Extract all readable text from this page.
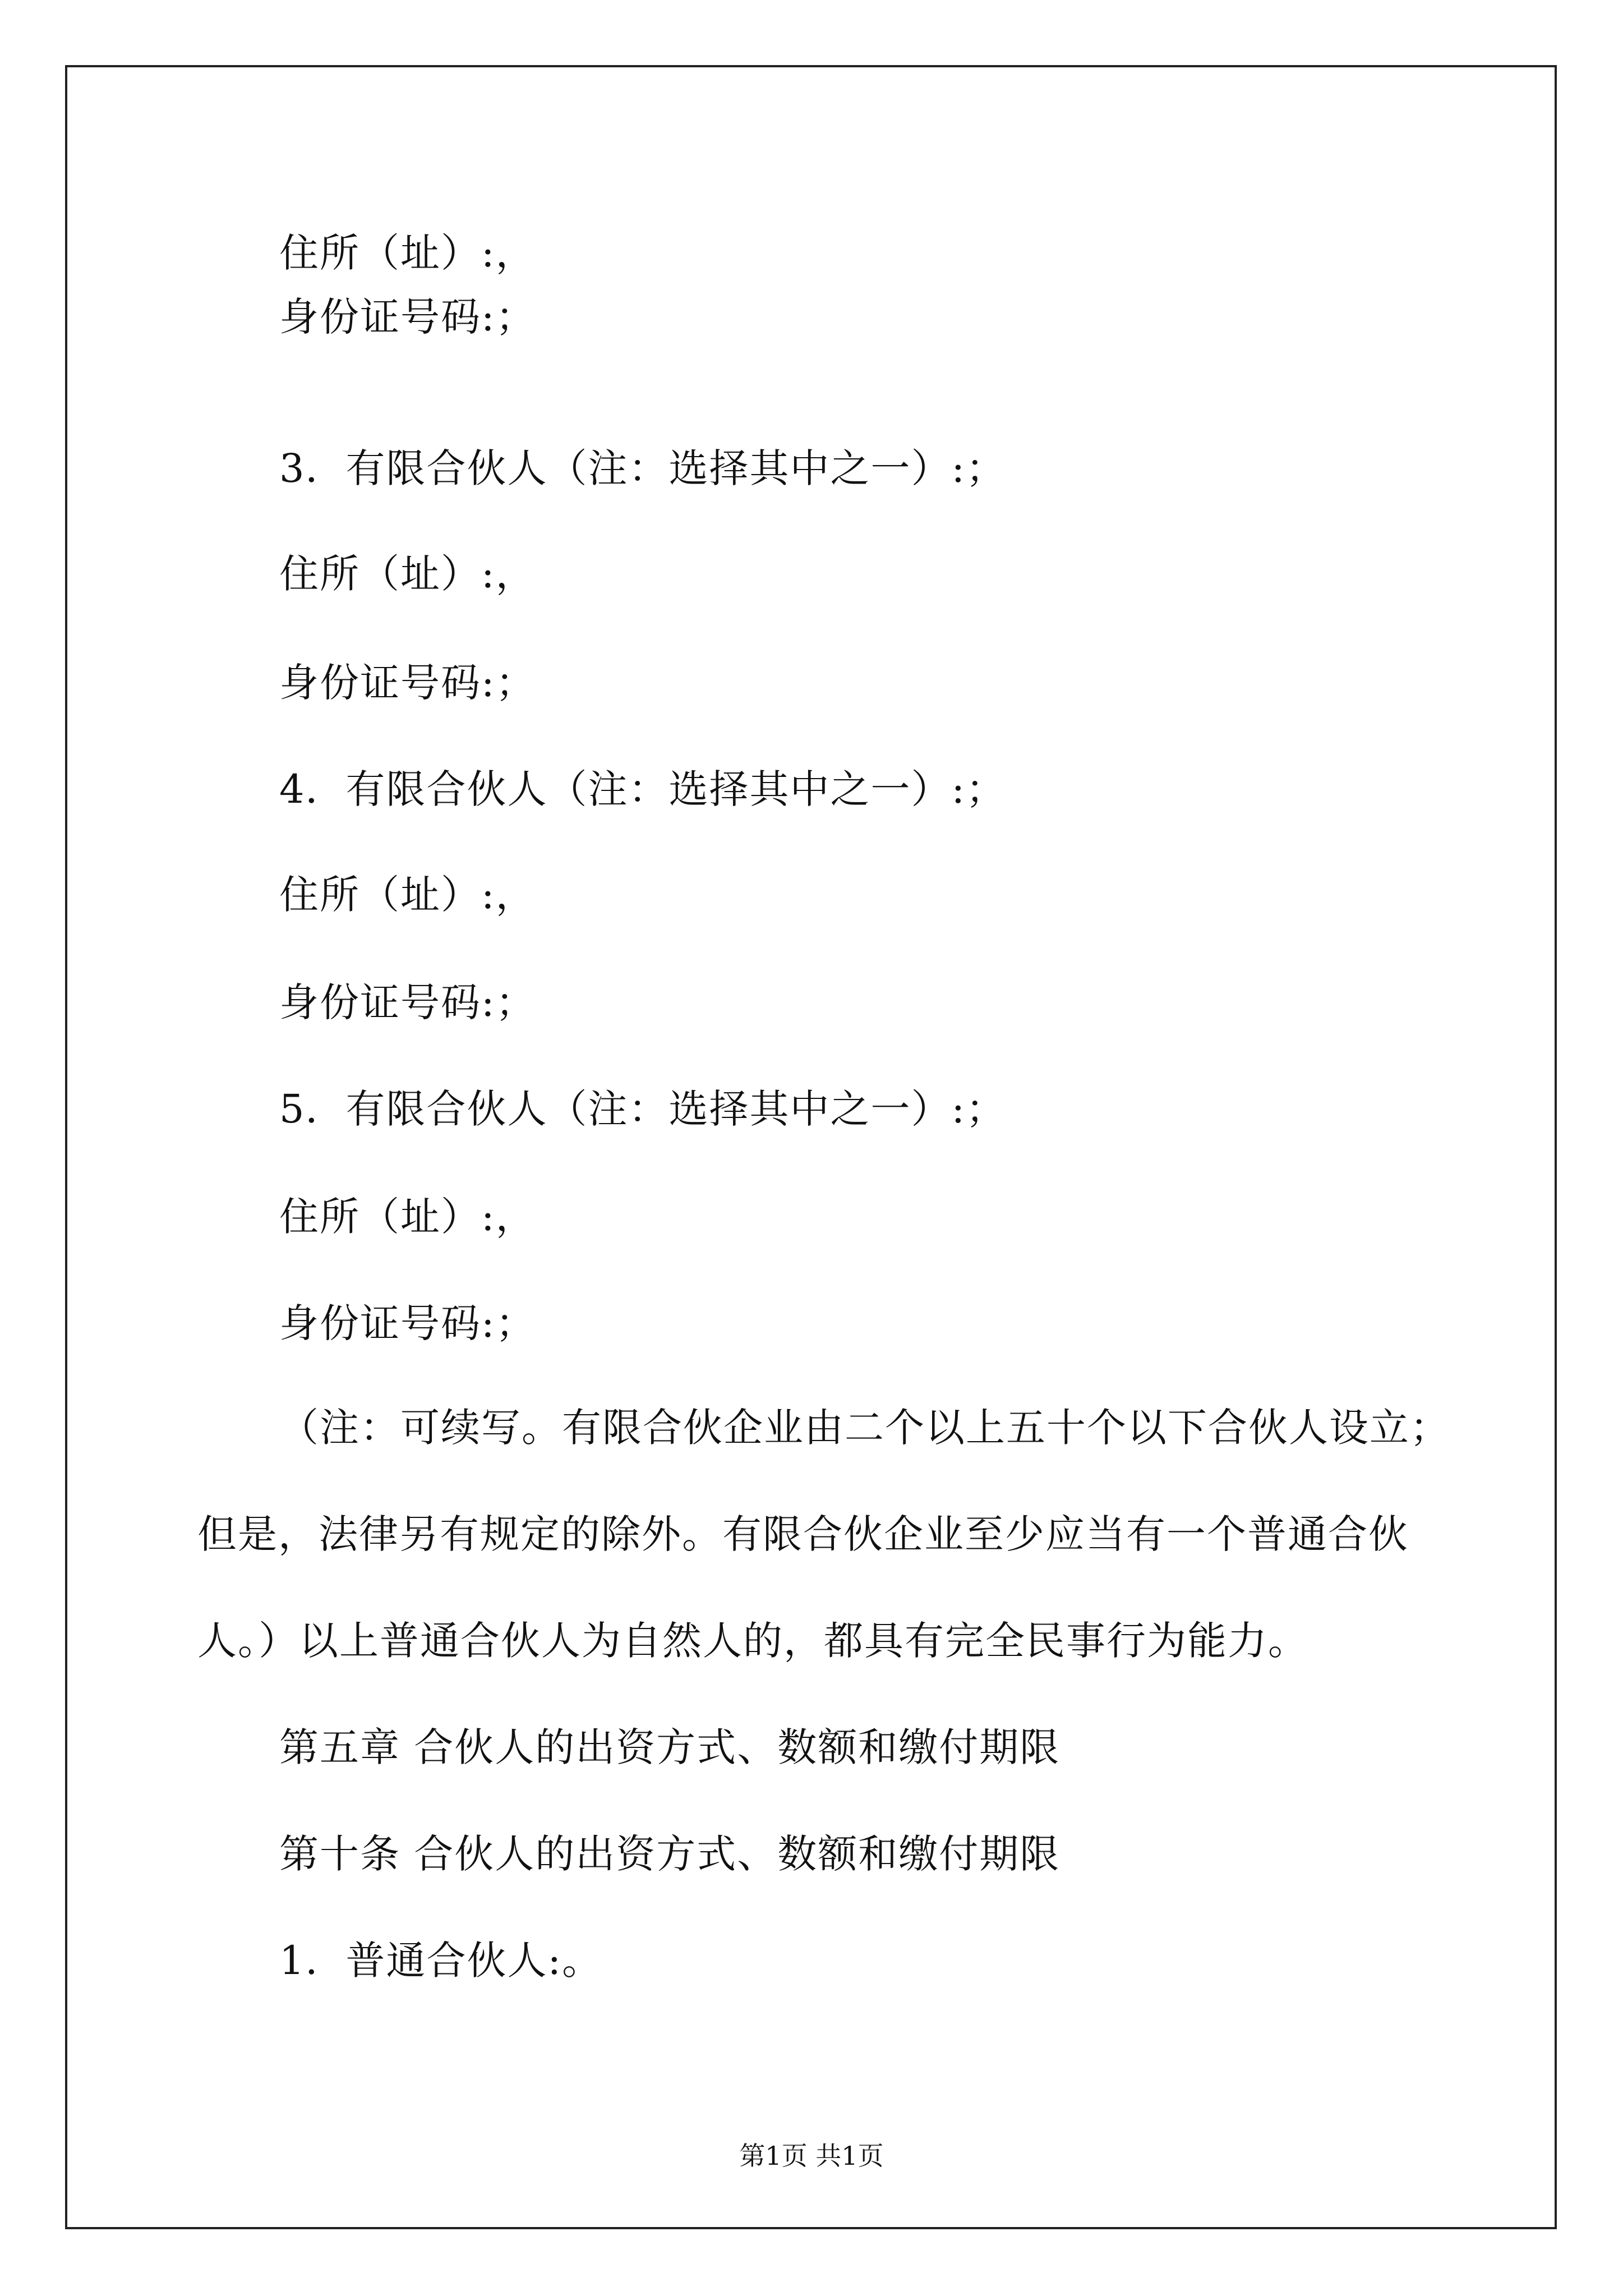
住所（址）:，
身份证号码:；
3．有限合伙人（注：选择其中之一）:；
住所（址）:，
身份证号码:；
4．有限合伙人（注：选择其中之一）:；
住所（址）:，
身份证号码:；
5．有限合伙人（注：选择其中之一）:；
住所（址）:，
身份证号码:；
（注：可续写。有限合伙企业由二个以上五十个以下合伙人设立；
但是，法律另有规定的除外。有限合伙企业至少应当有一个普通合伙
人。）以上普通合伙人为自然人的，都具有完全民事行为能力。
第五章 合伙人的出资方式、数额和缴付期限
第十条 合伙人的出资方式、数额和缴付期限
1．普通合伙人:。
第1页 共1页
